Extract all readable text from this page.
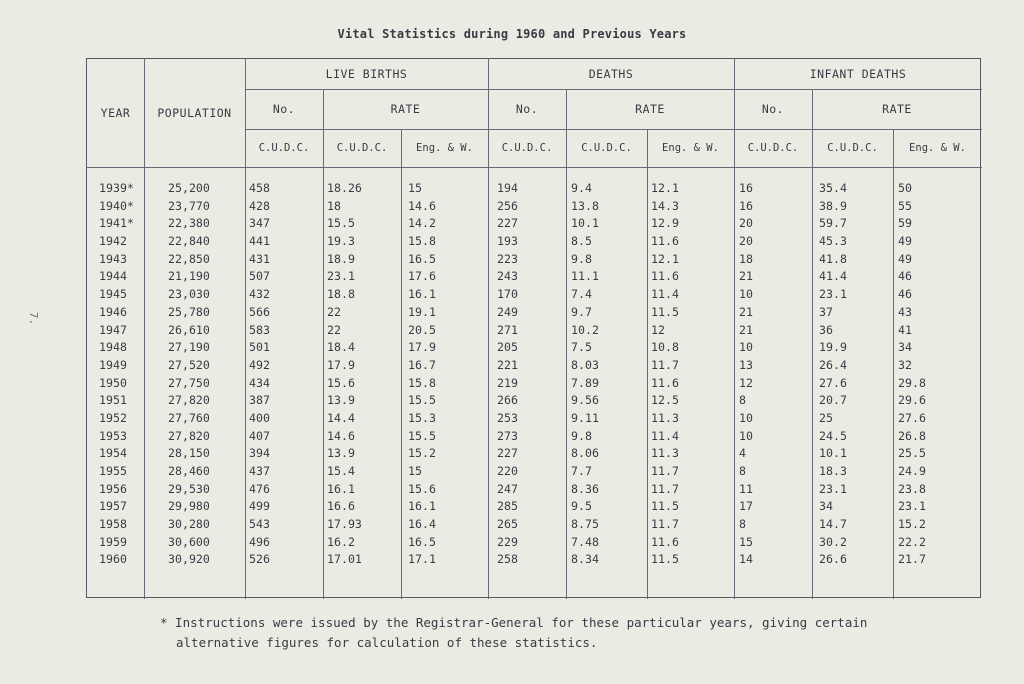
Vital Statistics during 1960 and Previous Years
7.
YEAR	POPULATION
LIVE BIRTHS	DEATHS	INFANT DEATHS
No.	RATE	No.	RATE	No.	RATE
C.U.D.C.	C.U.D.C.	Eng. & W.	C.U.D.C.	C.U.D.C.	Eng. & W.	C.U.D.C.	C.U.D.C.	Eng. & W.
1939*	25,200	458	18.26	15	194	9.4	12.1	16	35.4	50
1940*	23,770	428	18	14.6	256	13.8	14.3	16	38.9	55
1941*	22,380	347	15.5	14.2	227	10.1	12.9	20	59.7	59
1942	22,840	441	19.3	15.8	193	8.5	11.6	20	45.3	49
1943	22,850	431	18.9	16.5	223	9.8	12.1	18	41.8	49
1944	21,190	507	23.1	17.6	243	11.1	11.6	21	41.4	46
1945	23,030	432	18.8	16.1	170	7.4	11.4	10	23.1	46
1946	25,780	566	22	19.1	249	9.7	11.5	21	37	43
1947	26,610	583	22	20.5	271	10.2	12	21	36	41
1948	27,190	501	18.4	17.9	205	7.5	10.8	10	19.9	34
1949	27,520	492	17.9	16.7	221	8.03	11.7	13	26.4	32
1950	27,750	434	15.6	15.8	219	7.89	11.6	12	27.6	29.8
1951	27,820	387	13.9	15.5	266	9.56	12.5	8	20.7	29.6
1952	27,760	400	14.4	15.3	253	9.11	11.3	10	25	27.6
1953	27,820	407	14.6	15.5	273	9.8	11.4	10	24.5	26.8
1954	28,150	394	13.9	15.2	227	8.06	11.3	4	10.1	25.5
1955	28,460	437	15.4	15	220	7.7	11.7	8	18.3	24.9
1956	29,530	476	16.1	15.6	247	8.36	11.7	11	23.1	23.8
1957	29,980	499	16.6	16.1	285	9.5	11.5	17	34	23.1
1958	30,280	543	17.93	16.4	265	8.75	11.7	8	14.7	15.2
1959	30,600	496	16.2	16.5	229	7.48	11.6	15	30.2	22.2
1960	30,920	526	17.01	17.1	258	8.34	11.5	14	26.6	21.7
* Instructions were issued by the Registrar-General for these particular years, giving certain
alternative figures for calculation of these statistics.
